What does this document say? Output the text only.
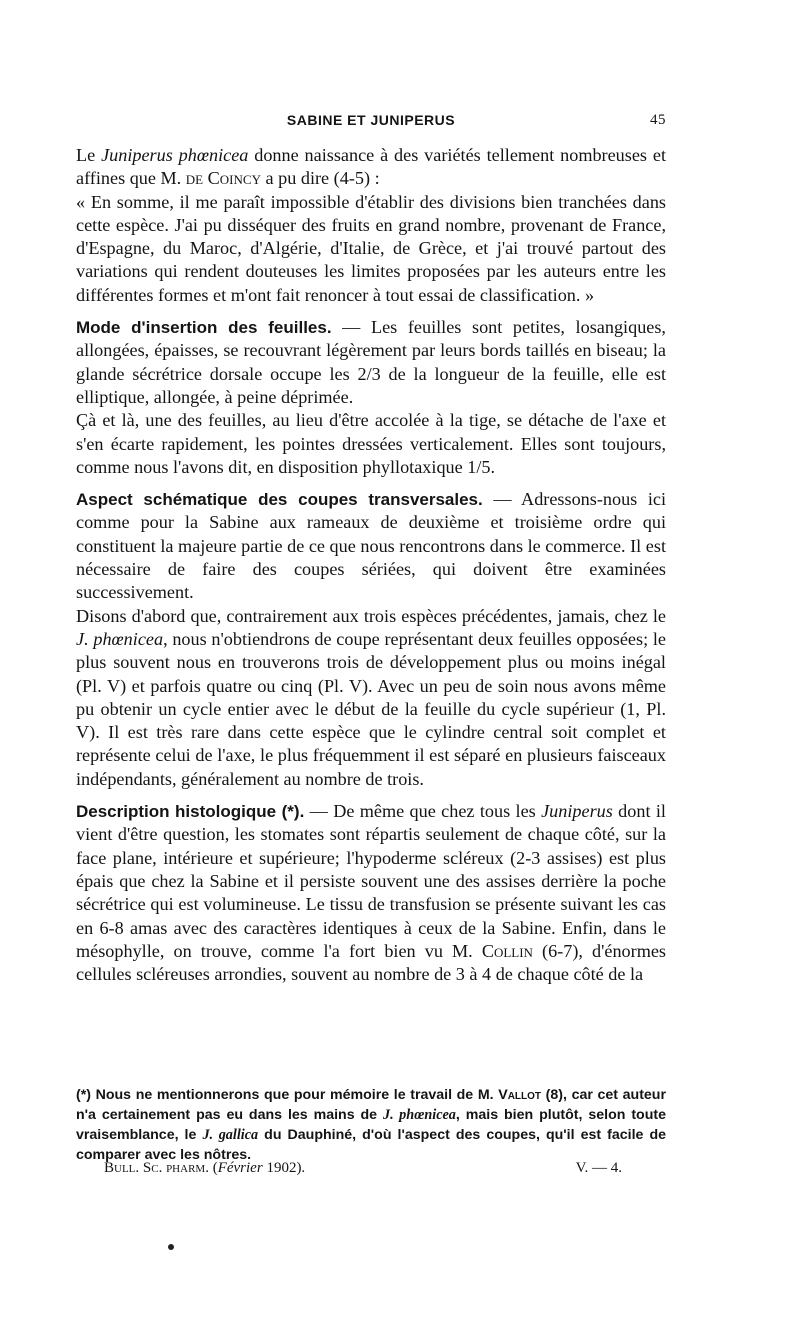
SABINE ET JUNIPERUS	45

Le Juniperus phœnicea donne naissance à des variétés tellement nombreuses et affines que M. de Coincy a pu dire (4-5) :

« En somme, il me paraît impossible d'établir des divisions bien tranchées dans cette espèce. J'ai pu disséquer des fruits en grand nombre, provenant de France, d'Espagne, du Maroc, d'Algérie, d'Italie, de Grèce, et j'ai trouvé partout des variations qui rendent douteuses les limites proposées par les auteurs entre les différentes formes et m'ont fait renoncer à tout essai de classification. »

Mode d'insertion des feuilles. — Les feuilles sont petites, losangiques, allongées, épaisses, se recouvrant légèrement par leurs bords taillés en biseau; la glande sécrétrice dorsale occupe les 2/3 de la longueur de la feuille, elle est elliptique, allongée, à peine déprimée.

Çà et là, une des feuilles, au lieu d'être accolée à la tige, se détache de l'axe et s'en écarte rapidement, les pointes dressées verticalement. Elles sont toujours, comme nous l'avons dit, en disposition phyllotaxique 1/5.

Aspect schématique des coupes transversales. — Adressons-nous ici comme pour la Sabine aux rameaux de deuxième et troisième ordre qui constituent la majeure partie de ce que nous rencontrons dans le commerce. Il est nécessaire de faire des coupes sériées, qui doivent être examinées successivement.

Disons d'abord que, contrairement aux trois espèces précédentes, jamais, chez le J. phœnicea, nous n'obtiendrons de coupe représentant deux feuilles opposées; le plus souvent nous en trouverons trois de développement plus ou moins inégal (Pl. V) et parfois quatre ou cinq (Pl. V). Avec un peu de soin nous avons même pu obtenir un cycle entier avec le début de la feuille du cycle supérieur (1, Pl. V). Il est très rare dans cette espèce que le cylindre central soit complet et représente celui de l'axe, le plus fréquemment il est séparé en plusieurs faisceaux indépendants, généralement au nombre de trois.

Description histologique (*). — De même que chez tous les Juniperus dont il vient d'être question, les stomates sont répartis seulement de chaque côté, sur la face plane, intérieure et supérieure; l'hypoderme scléreux (2-3 assises) est plus épais que chez la Sabine et il persiste souvent une des assises derrière la poche sécrétrice qui est volumineuse. Le tissu de transfusion se présente suivant les cas en 6-8 amas avec des caractères identiques à ceux de la Sabine. Enfin, dans le mésophylle, on trouve, comme l'a fort bien vu M. Collin (6-7), d'énormes cellules scléreuses arrondies, souvent au nombre de 3 à 4 de chaque côté de la

(*) Nous ne mentionnerons que pour mémoire le travail de M. Vallot (8), car cet auteur n'a certainement pas eu dans les mains de J. phœnicea, mais bien plutôt, selon toute vraisemblance, le J. gallica du Dauphiné, d'où l'aspect des coupes, qu'il est facile de comparer avec les nôtres.
Bull. Sc. pharm. (Février 1902).	V. — 4.
